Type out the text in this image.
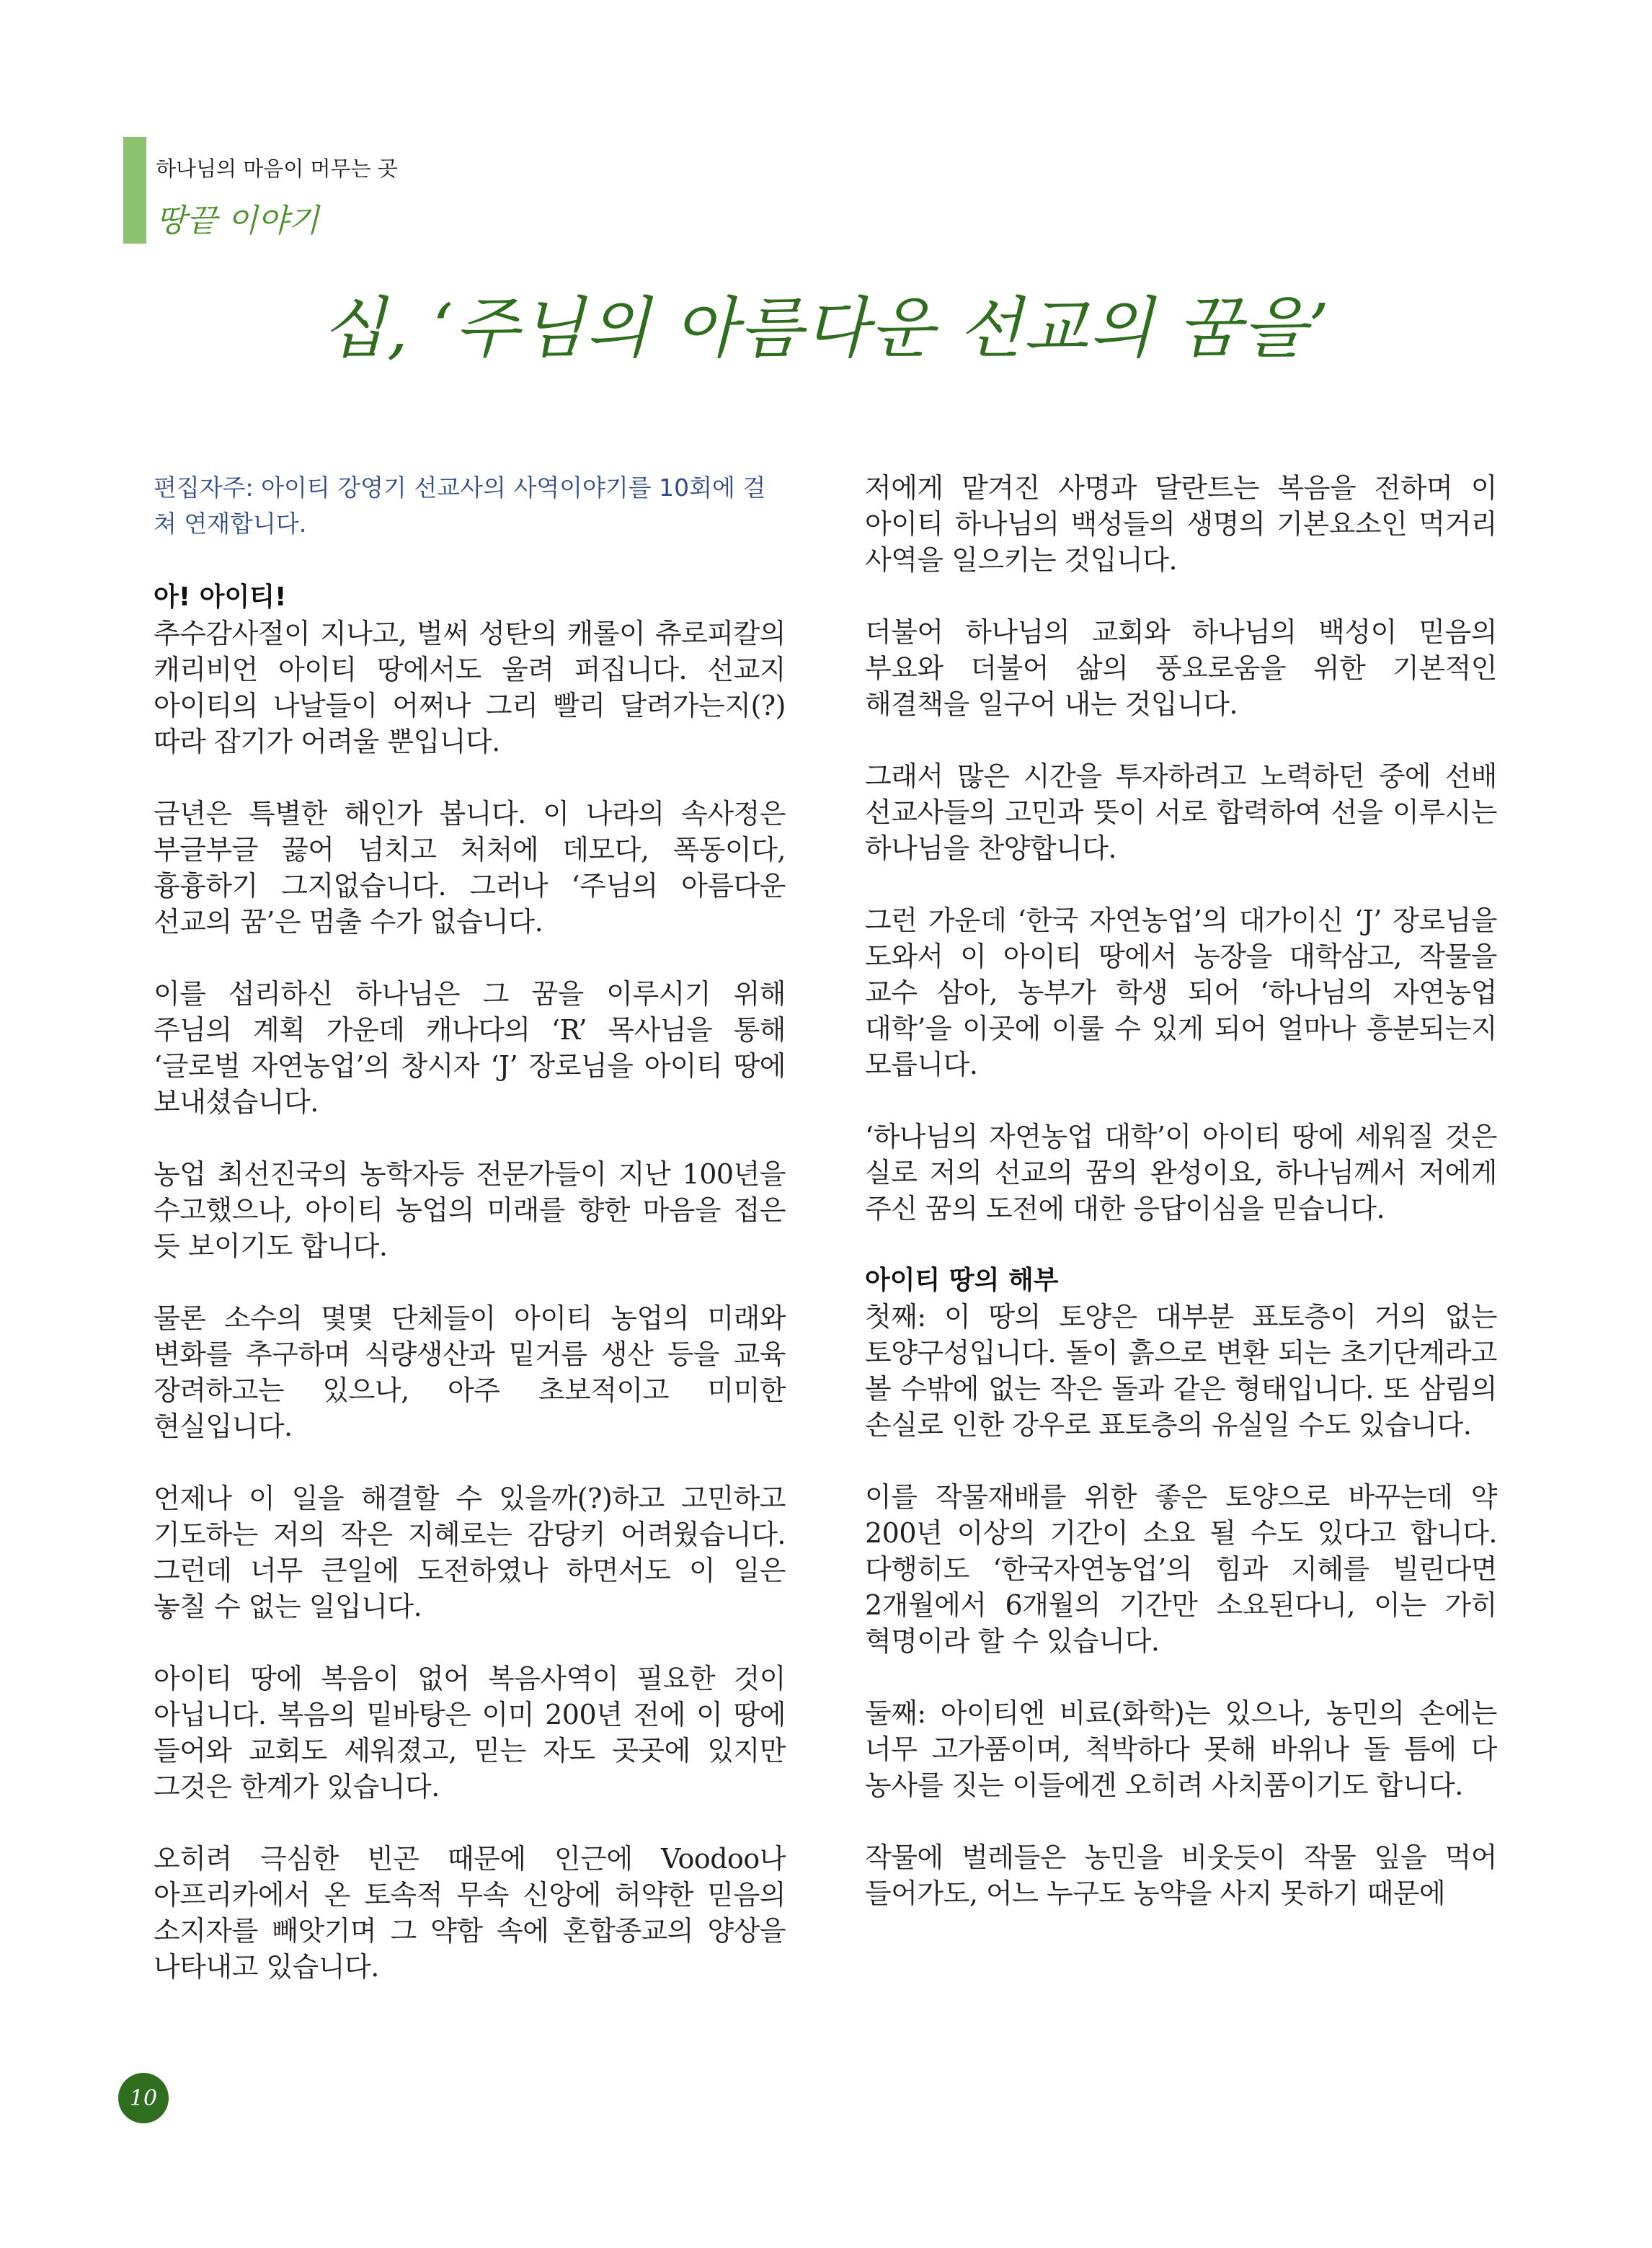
하나님의 마음이 머무는 곳
땅끝 이야기
십, ‘주님의 아름다운 선교의 꿈을’

편집자주: 아이티 강영기 선교사의 사역이야기를 10회에 걸쳐 연재합니다.

아! 아이티!

추수감사절이 지나고, 벌써 성탄의 캐롤이 츄로피칼의 캐리비언 아이티 땅에서도 울려 퍼집니다. 선교지 아이티의 나날들이 어쩌나 그리 빨리 달려가는지(?) 따라 잡기가 어려울 뿐입니다.

금년은 특별한 해인가 봅니다. 이 나라의 속사정은 부글부글 끓어 넘치고 처처에 데모다, 폭동이다, 흉흉하기 그지없습니다. 그러나 ‘주님의 아름다운 선교의 꿈’은 멈출 수가 없습니다.

이를 섭리하신 하나님은 그 꿈을 이루시기 위해 주님의 계획 가운데 캐나다의 ‘R’ 목사님을 통해 ‘글로벌 자연농업’의 창시자 ‘J’ 장로님을 아이티 땅에 보내셨습니다.

농업 최선진국의 농학자등 전문가들이 지난 100년을 수고했으나, 아이티 농업의 미래를 향한 마음을 접은 듯 보이기도 합니다.

물론 소수의 몇몇 단체들이 아이티 농업의 미래와 변화를 추구하며 식량생산과 밑거름 생산 등을 교육 장려하고는 있으나, 아주 초보적이고 미미한 현실입니다.

언제나 이 일을 해결할 수 있을까(?)하고 고민하고 기도하는 저의 작은 지혜로는 감당키 어려웠습니다. 그런데 너무 큰일에 도전하였나 하면서도 이 일은 놓칠 수 없는 일입니다.

아이티 땅에 복음이 없어 복음사역이 필요한 것이 아닙니다. 복음의 밑바탕은 이미 200년 전에 이 땅에 들어와 교회도 세워졌고, 믿는 자도 곳곳에 있지만 그것은 한계가 있습니다.

오히려 극심한 빈곤 때문에 인근에 Voodoo나 아프리카에서 온 토속적 무속 신앙에 허약한 믿음의 소지자를 빼앗기며 그 약함 속에 혼합종교의 양상을 나타내고 있습니다.

저에게 맡겨진 사명과 달란트는 복음을 전하며 이 아이티 하나님의 백성들의 생명의 기본요소인 먹거리 사역을 일으키는 것입니다.

더불어 하나님의 교회와 하나님의 백성이 믿음의 부요와 더불어 삶의 풍요로움을 위한 기본적인 해결책을 일구어 내는 것입니다.

그래서 많은 시간을 투자하려고 노력하던 중에 선배 선교사들의 고민과 뜻이 서로 합력하여 선을 이루시는 하나님을 찬양합니다.

그런 가운데 ‘한국 자연농업’의 대가이신 ‘J’ 장로님을 도와서 이 아이티 땅에서 농장을 대학삼고, 작물을 교수 삼아, 농부가 학생 되어 ‘하나님의 자연농업 대학’을 이곳에 이룰 수 있게 되어 얼마나 흥분되는지 모릅니다.

‘하나님의 자연농업 대학’이 아이티 땅에 세워질 것은 실로 저의 선교의 꿈의 완성이요, 하나님께서 저에게 주신 꿈의 도전에 대한 응답이심을 믿습니다.

아이티 땅의 해부

첫째: 이 땅의 토양은 대부분 표토층이 거의 없는 토양구성입니다. 돌이 흙으로 변환 되는 초기단계라고 볼 수밖에 없는 작은 돌과 같은 형태입니다. 또 삼림의 손실로 인한 강우로 표토층의 유실일 수도 있습니다.

이를 작물재배를 위한 좋은 토양으로 바꾸는데 약 200년 이상의 기간이 소요 될 수도 있다고 합니다. 다행히도 ‘한국자연농업’의 힘과 지혜를 빌린다면 2개월에서 6개월의 기간만 소요된다니, 이는 가히 혁명이라 할 수 있습니다.

둘째: 아이티엔 비료(화학)는 있으나, 농민의 손에는 너무 고가품이며, 척박하다 못해 바위나 돌 틈에 다 농사를 짓는 이들에겐 오히려 사치품이기도 합니다.

작물에 벌레들은 농민을 비웃듯이 작물 잎을 먹어 들어가도, 어느 누구도 농약을 사지 못하기 때문에

10
